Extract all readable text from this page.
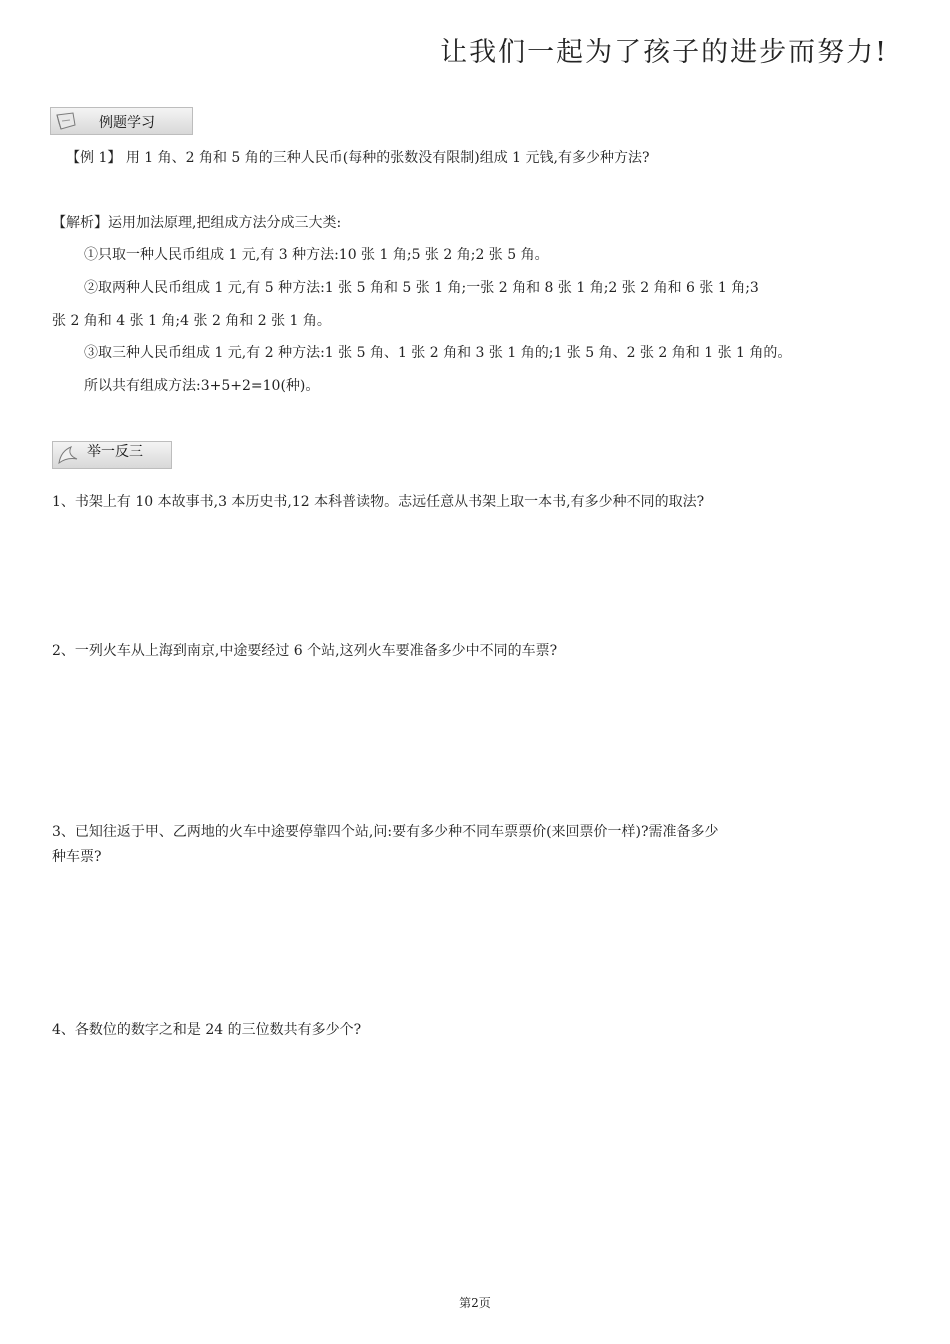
让我们一起为了孩子的进步而努力!
例题学习
【例 1】 用 1 角、2 角和 5 角的三种人民币(每种的张数没有限制)组成 1 元钱,有多少种方法?
【解析】运用加法原理,把组成方法分成三大类:
①只取一种人民币组成 1 元,有 3 种方法:10 张 1 角;5 张 2 角;2 张 5 角。
②取两种人民币组成 1 元,有 5 种方法:1 张 5 角和 5 张 1 角;一张 2 角和 8 张 1 角;2 张 2 角和 6 张 1 角;3
张 2 角和 4 张 1 角;4 张 2 角和 2 张 1 角。
③取三种人民币组成 1 元,有 2 种方法:1 张 5 角、1 张 2 角和 3 张 1 角的;1 张 5 角、2 张 2 角和 1 张 1 角的。
所以共有组成方法:3+5+2=10(种)。
举一反三
1、书架上有 10 本故事书,3 本历史书,12 本科普读物。志远任意从书架上取一本书,有多少种不同的取法?
2、一列火车从上海到南京,中途要经过 6 个站,这列火车要准备多少中不同的车票?
3、已知往返于甲、乙两地的火车中途要停靠四个站,问:要有多少种不同车票票价(来回票价一样)?需准备多少
种车票?
4、各数位的数字之和是 24 的三位数共有多少个?
第2页
